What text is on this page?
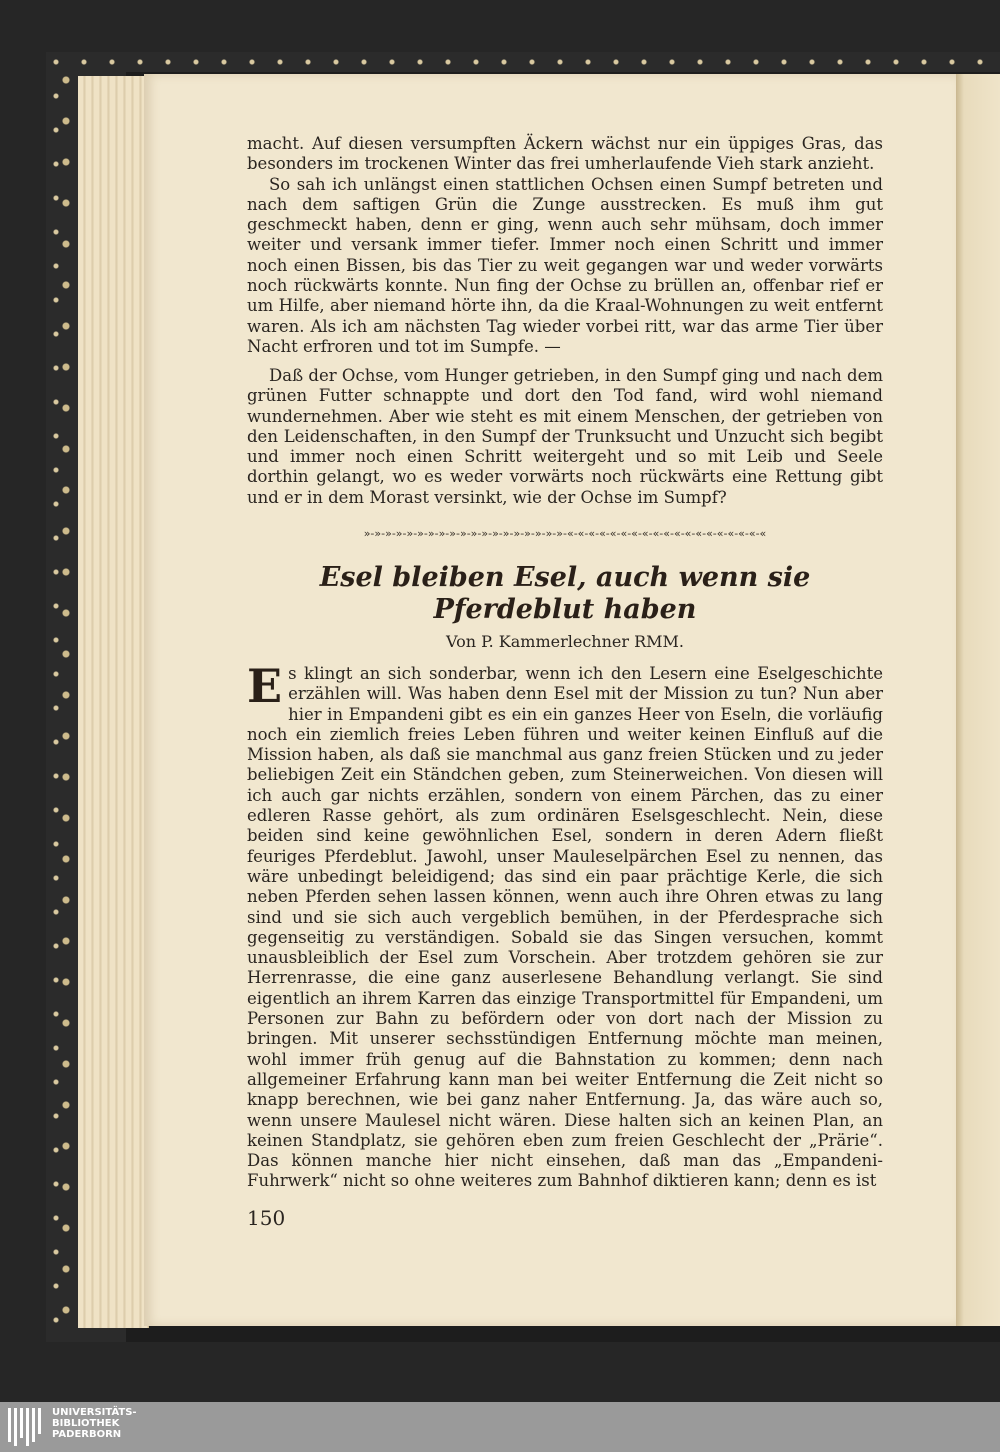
macht. Auf diesen versumpften Äckern wächst nur ein üppiges Gras, das besonders im trockenen Winter das frei umherlaufende Vieh stark anzieht.

So sah ich unlängst einen stattlichen Ochsen einen Sumpf betreten und nach dem saftigen Grün die Zunge ausstrecken. Es muß ihm gut geschmeckt haben, denn er ging, wenn auch sehr mühsam, doch immer weiter und versank immer tiefer. Immer noch einen Schritt und immer noch einen Bissen, bis das Tier zu weit gegangen war und weder vorwärts noch rückwärts konnte. Nun fing der Ochse zu brüllen an, offenbar rief er um Hilfe, aber niemand hörte ihn, da die Kraal-Wohnungen zu weit entfernt waren. Als ich am nächsten Tag wieder vorbei ritt, war das arme Tier über Nacht erfroren und tot im Sumpfe. —

Daß der Ochse, vom Hunger getrieben, in den Sumpf ging und nach dem grünen Futter schnappte und dort den Tod fand, wird wohl niemand wundernehmen. Aber wie steht es mit einem Menschen, der getrieben von den Leidenschaften, in den Sumpf der Trunksucht und Unzucht sich begibt und immer noch einen Schritt weitergeht und so mit Leib und Seele dorthin gelangt, wo es weder vorwärts noch rückwärts eine Rettung gibt und er in dem Morast versinkt, wie der Ochse im Sumpf?

»-»-»-»-»-»-»-»-»-»-»-»-»-»-»-»-»-»-»-«-«-«-«-«-«-«-«-«-«-«-«-«-«-«-«-«-«-«
Esel bleiben Esel, auch wenn sie Pferdeblut haben
Von P. Kammerlechner RMM.
E s klingt an sich sonderbar, wenn ich den Lesern eine Eselgeschichte erzählen will. Was haben denn Esel mit der Mission zu tun? Nun aber hier in Empandeni gibt es ein ein ganzes Heer von Eseln, die vorläufig noch ein ziemlich freies Leben führen und weiter keinen Einfluß auf die Mission haben, als daß sie manchmal aus ganz freien Stücken und zu jeder beliebigen Zeit ein Ständchen geben, zum Steinerweichen. Von diesen will ich auch gar nichts erzählen, sondern von einem Pärchen, das zu einer edleren Rasse gehört, als zum ordinären Eselsgeschlecht. Nein, diese beiden sind keine gewöhnlichen Esel, sondern in deren Adern fließt feuriges Pferdeblut. Jawohl, unser Mauleselpärchen Esel zu nennen, das wäre unbedingt beleidigend; das sind ein paar prächtige Kerle, die sich neben Pferden sehen lassen können, wenn auch ihre Ohren etwas zu lang sind und sie sich auch vergeblich bemühen, in der Pferdesprache sich gegenseitig zu verständigen. Sobald sie das Singen versuchen, kommt unausbleiblich der Esel zum Vorschein. Aber trotzdem gehören sie zur Herrenrasse, die eine ganz auserlesene Behandlung verlangt. Sie sind eigentlich an ihrem Karren das einzige Transportmittel für Empandeni, um Personen zur Bahn zu befördern oder von dort nach der Mission zu bringen. Mit unserer sechsstündigen Entfernung möchte man meinen, wohl immer früh genug auf die Bahnstation zu kommen; denn nach allgemeiner Erfahrung kann man bei weiter Entfernung die Zeit nicht so knapp berechnen, wie bei ganz naher Entfernung. Ja, das wäre auch so, wenn unsere Maulesel nicht wären. Diese halten sich an keinen Plan, an keinen Standplatz, sie gehören eben zum freien Geschlecht der „Prärie“. Das können manche hier nicht einsehen, daß man das „Empandeni-Fuhrwerk“ nicht so ohne weiteres zum Bahnhof diktieren kann; denn es ist
150
UNIVERSITÄTS-
BIBLIOTHEK
PADERBORN
